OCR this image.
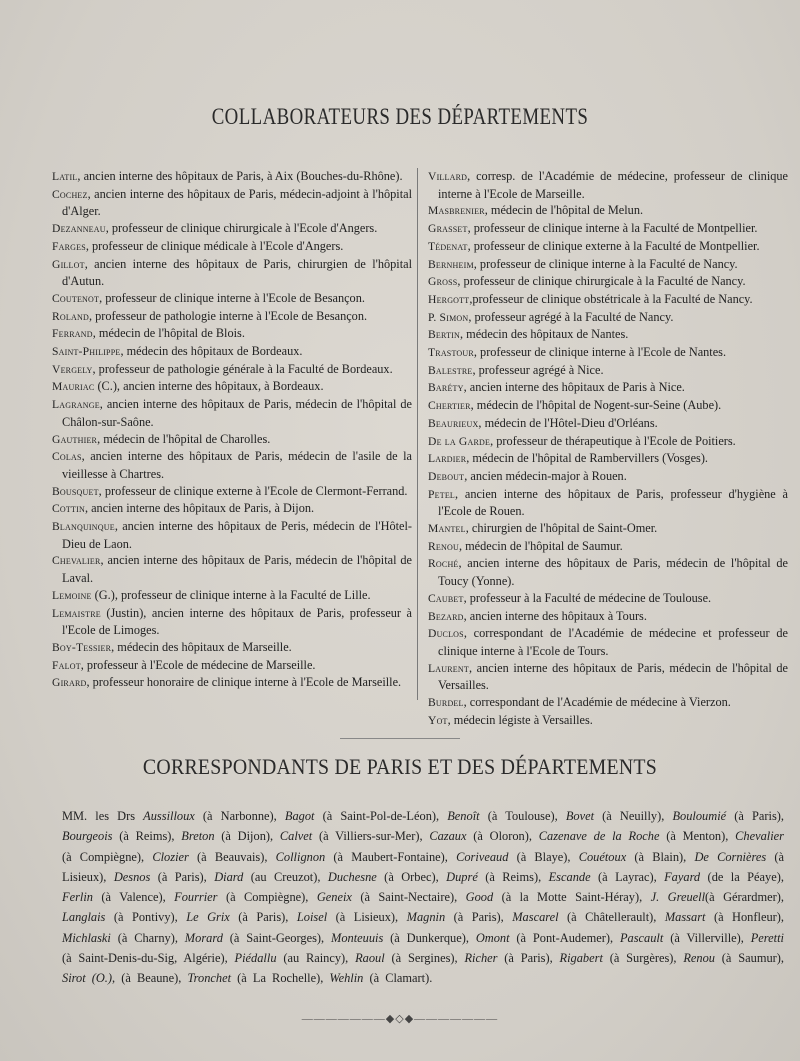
COLLABORATEURS DES DÉPARTEMENTS
Latil, ancien interne des hôpitaux de Paris, à Aix (Bouches-du-Rhône).
Cochez, ancien interne des hôpitaux de Paris, médecin-adjoint à l'hôpital d'Alger.
Dezanneau, professeur de clinique chirurgicale à l'Ecole d'Angers.
Farges, professeur de clinique médicale à l'Ecole d'Angers.
Gillot, ancien interne des hôpitaux de Paris, chirurgien de l'hôpital d'Autun.
Coutenot, professeur de clinique interne à l'Ecole de Besançon.
Roland, professeur de pathologie interne à l'Ecole de Besançon.
Ferrand, médecin de l'hôpital de Blois.
Saint-Philippe, médecin des hôpitaux de Bordeaux.
Vergely, professeur de pathologie générale à la Faculté de Bordeaux.
Mauriac (C.), ancien interne des hôpitaux, à Bordeaux.
Lagrange, ancien interne des hôpitaux de Paris, médecin de l'hôpital de Châlon-sur-Saône.
Gauthier, médecin de l'hôpital de Charolles.
Colas, ancien interne des hôpitaux de Paris, médecin de l'asile de la vieillesse à Chartres.
Bousquet, professeur de clinique externe à l'Ecole de Clermont-Ferrand.
Cottin, ancien interne des hôpitaux de Paris, à Dijon.
Blanquinque, ancien interne des hôpitaux de Peris, médecin de l'Hôtel-Dieu de Laon.
Chevalier, ancien interne des hôpitaux de Paris, médecin de l'hôpital de Laval.
Lemoine (G.), professeur de clinique interne à la Faculté de Lille.
Lemaistre (Justin), ancien interne des hôpitaux de Paris, professeur à l'Ecole de Limoges.
Boy-Tessier, médecin des hôpitaux de Marseille.
Falot, professeur à l'Ecole de médecine de Marseille.
Girard, professeur honoraire de clinique interne à l'Ecole de Marseille.
Villard, corresp. de l'Académie de médecine, professeur de clinique interne à l'Ecole de Marseille.
Masbrenier, médecin de l'hôpital de Melun.
Grasset, professeur de clinique interne à la Faculté de Montpellier.
Tédenat, professeur de clinique externe à la Faculté de Montpellier.
Bernheim, professeur de clinique interne à la Faculté de Nancy.
Gross, professeur de clinique chirurgicale à la Faculté de Nancy.
Hergott,professeur de clinique obstétricale à la Faculté de Nancy.
P. Simon, professeur agrégé à la Faculté de Nancy.
Bertin, médecin des hôpitaux de Nantes.
Trastour, professeur de clinique interne à l'Ecole de Nantes.
Balestre, professeur agrégé à Nice.
Baréty, ancien interne des hôpitaux de Paris à Nice.
Chertier, médecin de l'hôpital de Nogent-sur-Seine (Aube).
Beaurieux, médecin de l'Hôtel-Dieu d'Orléans.
De la Garde, professeur de thérapeutique à l'Ecole de Poitiers.
Lardier, médecin de l'hôpital de Rambervillers (Vosges).
Debout, ancien médecin-major à Rouen.
Petel, ancien interne des hôpitaux de Paris, professeur d'hygiène à l'Ecole de Rouen.
Mantel, chirurgien de l'hôpital de Saint-Omer.
Renou, médecin de l'hôpital de Saumur.
Roché, ancien interne des hôpitaux de Paris, médecin de l'hôpital de Toucy (Yonne).
Caubet, professeur à la Faculté de médecine de Toulouse.
Bezard, ancien interne des hôpitaux à Tours.
Duclos, correspondant de l'Académie de médecine et professeur de clinique interne à l'Ecole de Tours.
Laurent, ancien interne des hôpitaux de Paris, médecin de l'hôpital de Versailles.
Burdel, correspondant de l'Académie de médecine à Vierzon.
Yot, médecin légiste à Versailles.
CORRESPONDANTS DE PARIS ET DES DÉPARTEMENTS
MM. les Drs Aussilloux (à Narbonne), Bagot (à Saint-Pol-de-Léon), Benoît (à Toulouse), Bovet (à Neuilly), Bouloumié (à Paris), Bourgeois (à Reims), Breton (à Dijon), Calvet (à Villiers-sur-Mer), Cazaux (à Oloron), Cazenave de la Roche (à Menton), Chevalier (à Compiègne), Clozier (à Beauvais), Collignon (à Maubert-Fontaine), Coriveaud (à Blaye), Couétoux (à Blain), De Cornières (à Lisieux), Desnos (à Paris), Diard (au Creuzot), Duchesne (à Orbec), Dupré (à Reims), Escande (à Layrac), Fayard (de la Péaye), Ferlin (à Valence), Fourrier (à Compiègne), Geneix (à Saint-Nectaire), Good (à la Motte Saint-Héray), J. Greuell(à Gérardmer), Langlais (à Pontivy), Le Grix (à Paris), Loisel (à Lisieux), Magnin (à Paris), Mascarel (à Châtellerault), Massart (à Honfleur), Michlaski (à Charny), Morard (à Saint-Georges), Monteuuis (à Dunkerque), Omont (à Pont-Audemer), Pascault (à Villerville), Peretti (à Saint-Denis-du-Sig, Algérie), Piédallu (au Raincy), Raoul (à Sergines), Richer (à Paris), Rigabert (à Surgères), Renou (à Saumur), Sirot (O.), (à Beaune), Tronchet (à La Rochelle), Wehlin (à Clamart).
———————◆◇◆———————
